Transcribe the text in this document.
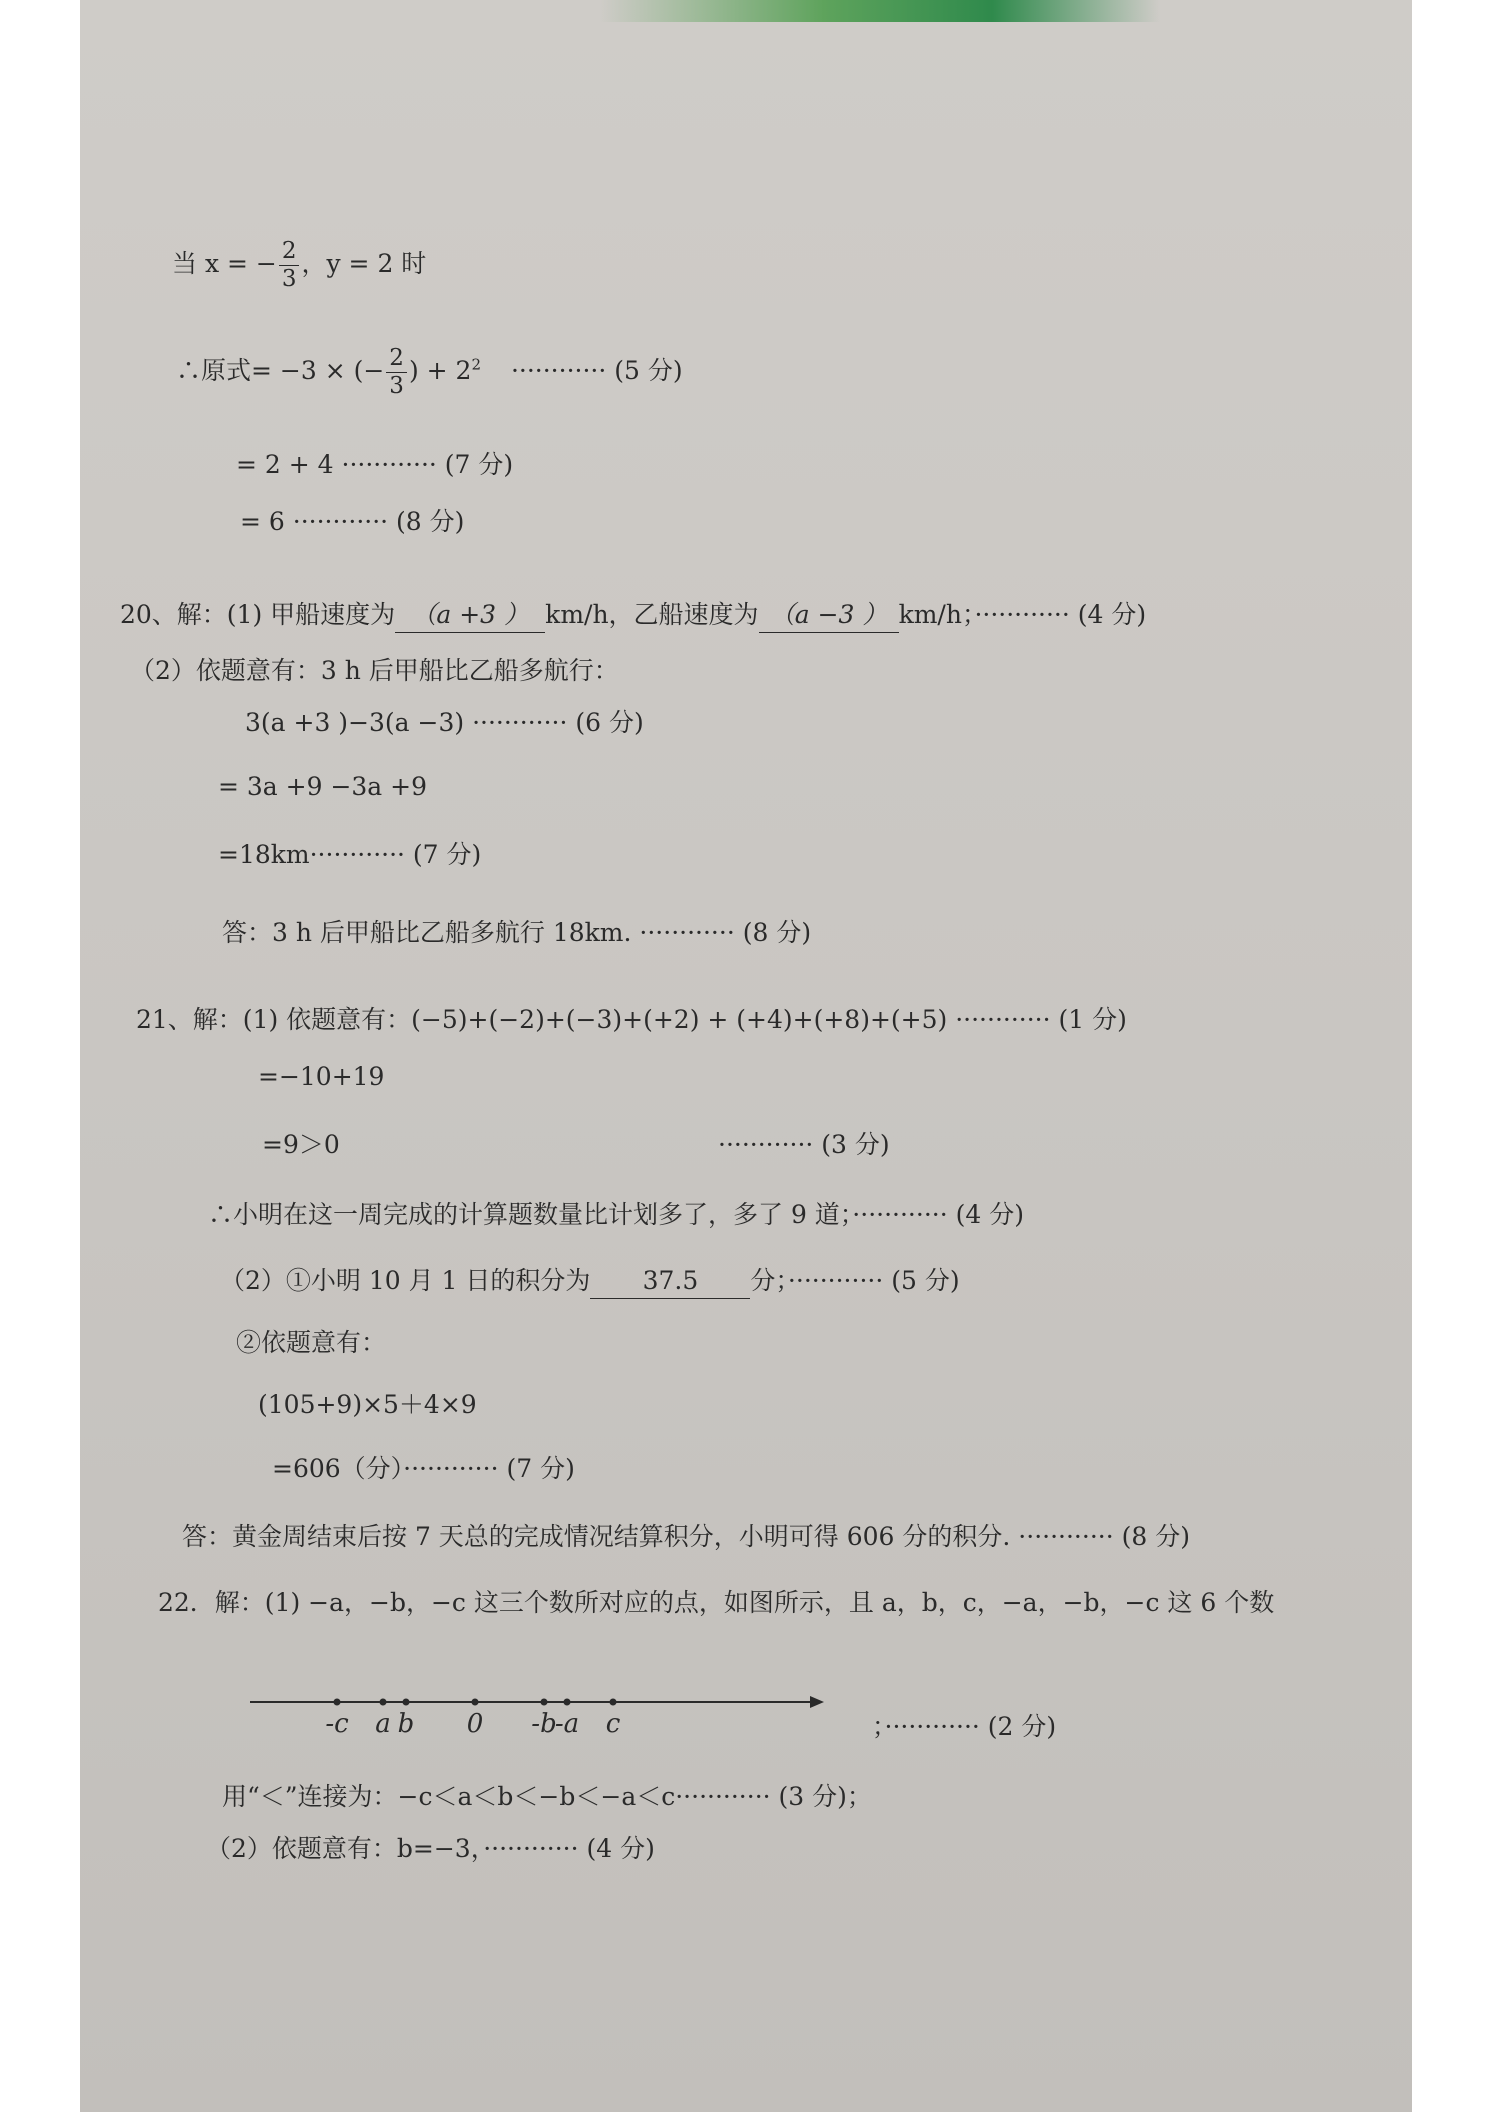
当 x = − $\frac{2}{3}$ ，y = 2 时
∴原式= −3 × (− $\frac{2}{3}$ ) + $2^2$ ············ (5 分)
= 2 + 4 ············ (7 分)
= 6 ············ (8 分)
20、解：(1) 甲船速度为 （a +3 ） km/h，乙船速度为 （a −3 ） km/h；············ (4 分)
（2）依题意有：3 h 后甲船比乙船多航行：
3(a +3 )−3(a −3) ············ (6 分)
= 3a +9 −3a +9
=18km············ (7 分)
答：3 h 后甲船比乙船多航行 18km. ············ (8 分)
21、解：(1) 依题意有：(−5)+(−2)+(−3)+(+2) + (+4)+(+8)+(+5) ············ (1 分)
=−10+19
=9＞0	············ (3 分)
∴小明在这一周完成的计算题数量比计划多了，多了 9 道；············ (4 分)
（2）①小明 10 月 1 日的积分为 37.5 分；············ (5 分)
②依题意有：
(105+9)×5＋4×9
=606（分）············ (7 分)
答：黄金周结束后按 7 天总的完成情况结算积分，小明可得 606 分的积分. ············ (8 分)
22．解：(1) −a，−b，−c 这三个数所对应的点，如图所示，且 a，b，c，−a，−b，−c 这 6 个数
-c a b 0 -b
-a c	；············ (2 分)
用“＜”连接为：−c＜a＜b＜−b＜−a＜c············ (3 分)；
（2）依题意有：b=−3，············ (4 分)
